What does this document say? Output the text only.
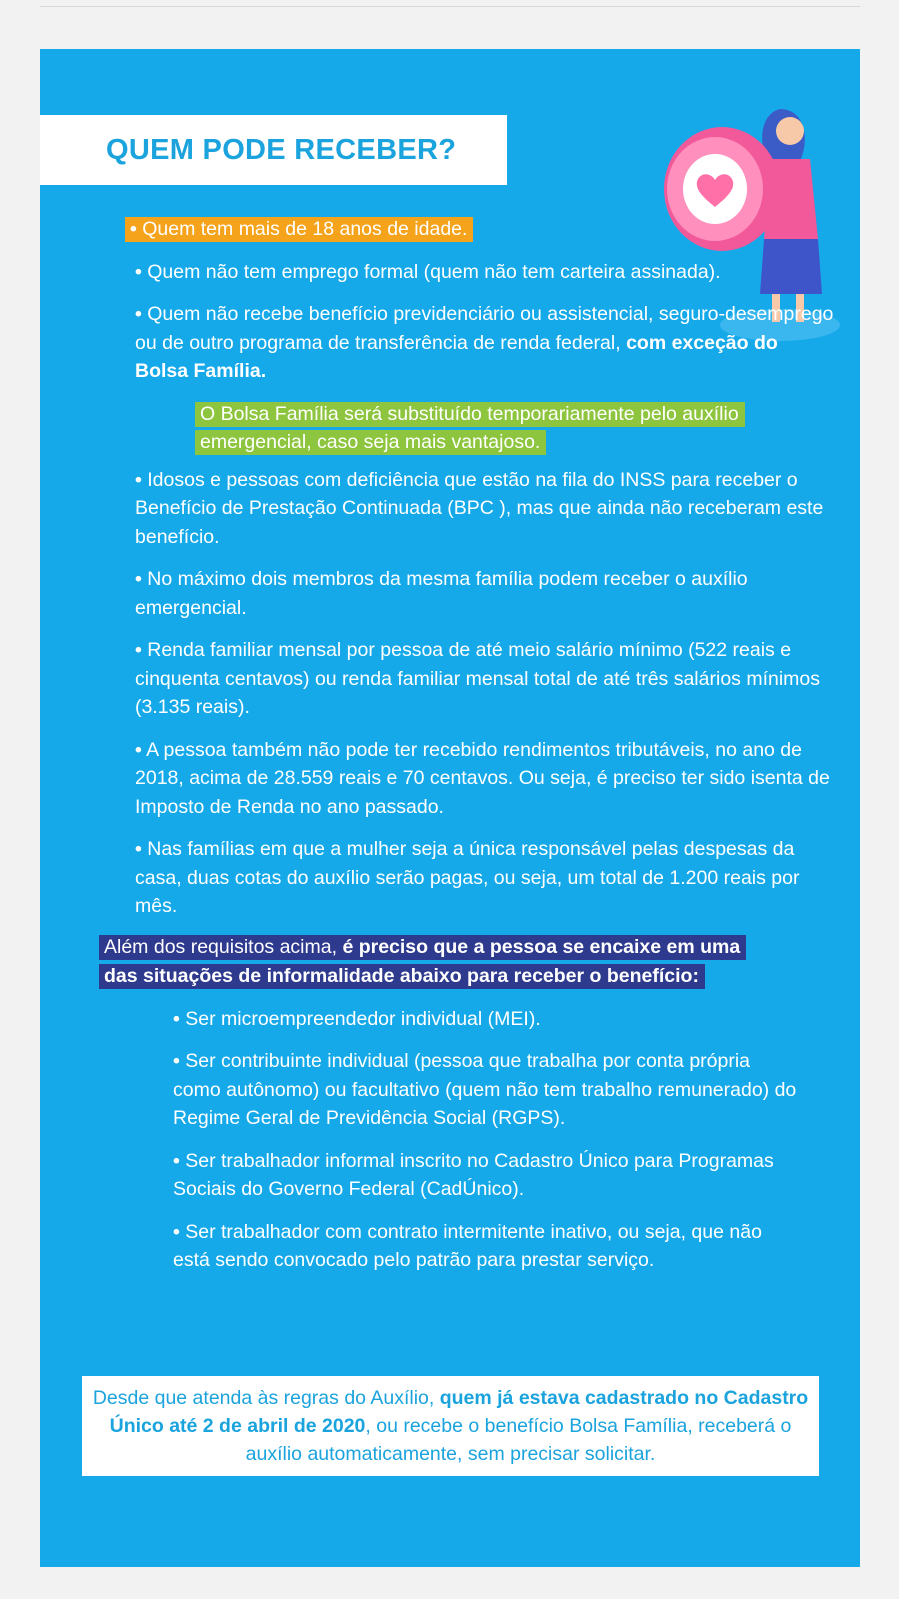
QUEM PODE RECEBER?
• Quem tem mais de 18 anos de idade.
• Quem não tem emprego formal (quem não tem carteira assinada).
• Quem não recebe benefício previdenciário ou assistencial, seguro-desemprego ou de outro programa de transferência de renda federal, com exceção do Bolsa Família.
O Bolsa Família será substituído temporariamente pelo auxílio emergencial, caso seja mais vantajoso.
• Idosos e pessoas com deficiência que estão na fila do INSS para receber o Benefício de Prestação Continuada (BPC ), mas que ainda não receberam este benefício.
• No máximo dois membros da mesma família podem receber o auxílio emergencial.
• Renda familiar mensal por pessoa de até meio salário mínimo (522 reais e cinquenta centavos) ou renda familiar mensal total de até três salários mínimos (3.135 reais).
• A pessoa também não pode ter recebido rendimentos tributáveis, no ano de 2018, acima de 28.559 reais e 70 centavos. Ou seja, é preciso ter sido isenta de Imposto de Renda no ano passado.
• Nas famílias em que a mulher seja a única responsável pelas despesas da casa, duas cotas do auxílio serão pagas, ou seja, um total de 1.200 reais por mês.
Além dos requisitos acima, é preciso que a pessoa se encaixe em uma das situações de informalidade abaixo para receber o benefício:
• Ser microempreendedor individual (MEI).
• Ser contribuinte individual (pessoa que trabalha por conta própria como autônomo) ou facultativo (quem não tem trabalho remunerado) do Regime Geral de Previdência Social (RGPS).
• Ser trabalhador informal inscrito no Cadastro Único para Programas Sociais do Governo Federal (CadÚnico).
• Ser trabalhador com contrato intermitente inativo, ou seja, que não está sendo convocado pelo patrão para prestar serviço.

Desde que atenda às regras do Auxílio, quem já estava cadastrado no Cadastro Único até 2 de abril de 2020, ou recebe o benefício Bolsa Família, receberá o auxílio automaticamente, sem precisar solicitar.
